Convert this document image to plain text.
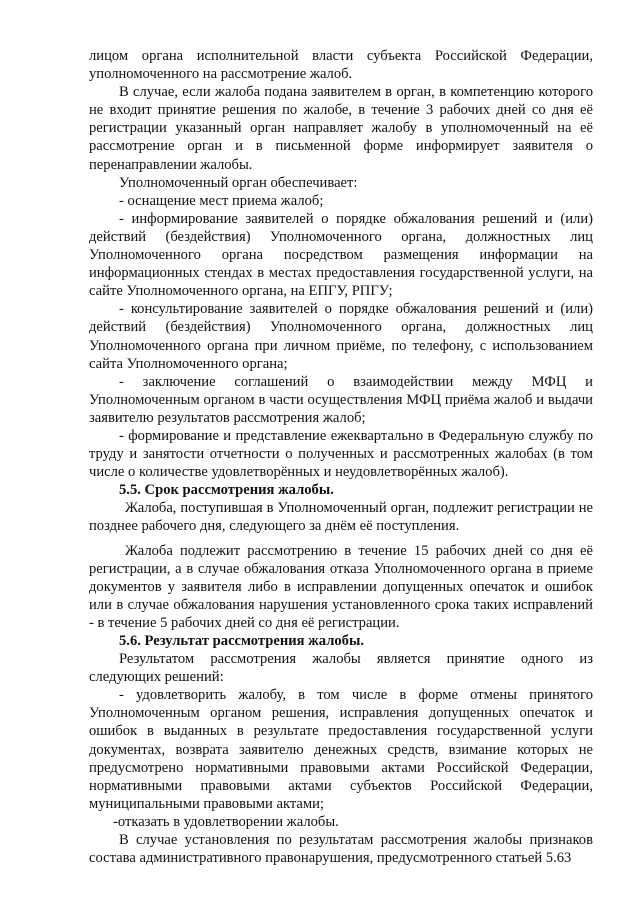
лицом органа исполнительной власти субъекта Российской Федерации, уполномоченного на рассмотрение жалоб.

В случае, если жалоба подана заявителем в орган, в компетенцию которого не входит принятие решения по жалобе, в течение 3 рабочих дней со дня её регистрации указанный орган направляет жалобу в уполномоченный на её рассмотрение орган и в письменной форме информирует заявителя о перенаправлении жалобы.

Уполномоченный орган обеспечивает:

- оснащение мест приема жалоб;

- информирование заявителей о порядке обжалования решений и (или) действий (бездействия) Уполномоченного органа, должностных лиц Уполномоченного органа посредством размещения информации на информационных стендах в местах предоставления государственной услуги, на сайте Уполномоченного органа, на ЕПГУ, РПГУ;

- консультирование заявителей о порядке обжалования решений и (или) действий (бездействия) Уполномоченного органа, должностных лиц Уполномоченного органа при личном приёме, по телефону, с использованием сайта Уполномоченного органа;

- заключение соглашений о взаимодействии между МФЦ и Уполномоченным органом в части осуществления МФЦ приёма жалоб и выдачи заявителю результатов рассмотрения жалоб;

- формирование и представление ежеквартально в Федеральную службу по труду и занятости отчетности о полученных и рассмотренных жалобах (в том числе о количестве удовлетворённых и неудовлетворённых жалоб).

5.5. Срок рассмотрения жалобы.

Жалоба, поступившая в Уполномоченный орган, подлежит регистрации не позднее рабочего дня, следующего за днём её поступления.

Жалоба подлежит рассмотрению в течение 15 рабочих дней со дня её регистрации, а в случае обжалования отказа Уполномоченного органа в приеме документов у заявителя либо в исправлении допущенных опечаток и ошибок или в случае обжалования нарушения установленного срока таких исправлений - в течение 5 рабочих дней со дня её регистрации.

5.6. Результат рассмотрения жалобы.

Результатом рассмотрения жалобы является принятие одного из следующих решений:

- удовлетворить жалобу, в том числе в форме отмены принятого Уполномоченным органом решения, исправления допущенных опечаток и ошибок в выданных в результате предоставления государственной услуги документах, возврата заявителю денежных средств, взимание которых не предусмотрено нормативными правовыми актами Российской Федерации, нормативными правовыми актами субъектов Российской Федерации, муниципальными правовыми актами;

-отказать в удовлетворении жалобы.

В случае установления по результатам рассмотрения жалобы признаков состава административного правонарушения, предусмотренного статьей 5.63
